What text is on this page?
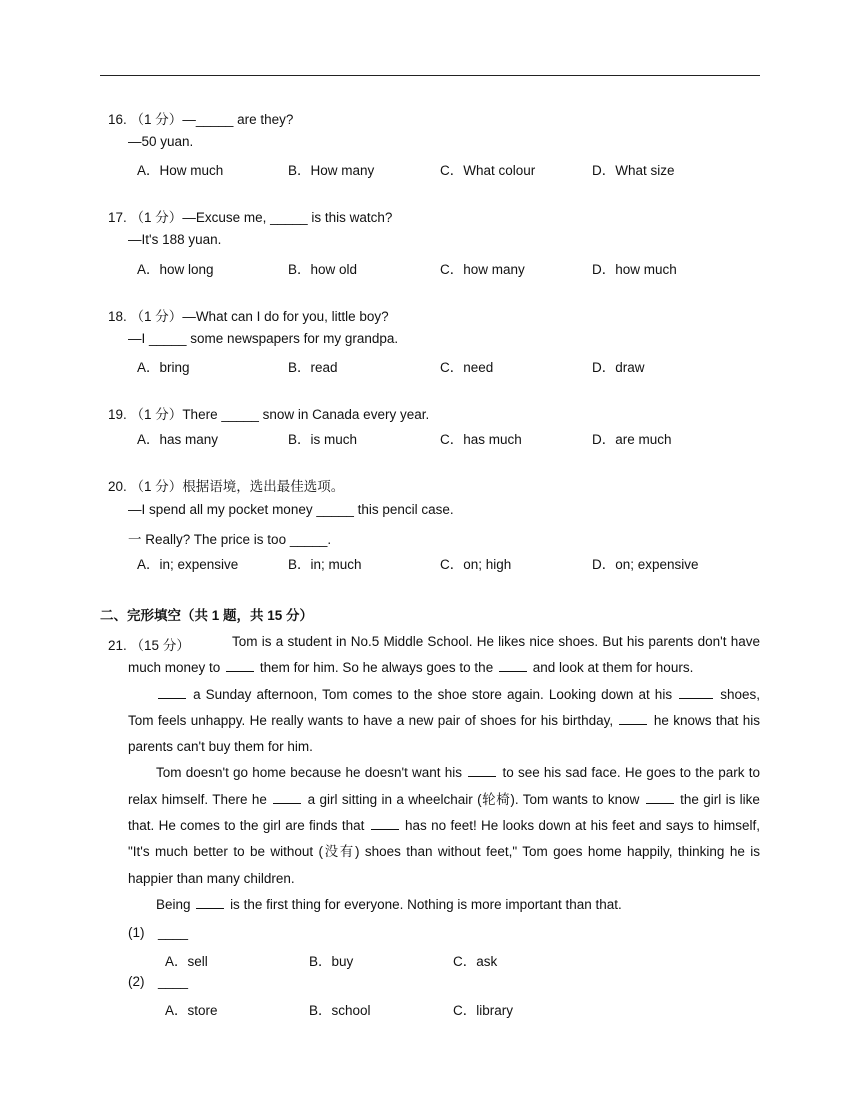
16. （1 分）—_____ are they?
—50 yuan.
A．How much	B．How many	C．What colour	D．What size
17. （1 分）—Excuse me, _____ is this watch?
—It's 188 yuan.
A．how long	B．how old	C．how many	D．how much
18. （1 分）—What can I do for you, little boy?
—I _____ some newspapers for my grandpa.
A．bring	B．read	C．need	D．draw
19. （1 分）There _____ snow in Canada every year.
A．has many	B．is much	C．has much	D．are much
20. （1 分）根据语境，选出最佳选项。
—I spend all my pocket money _____ this pencil case.
一 Really? The price is too _____.
A．in; expensive	B．in; much	C．on; high	D．on; expensive
二、完形填空（共 1 题，共 15 分）
21. （15 分）	Tom is a student in No.5 Middle School. He likes nice shoes. But his parents don't have much money to	them for him. So he always goes to the	and look at them for hours.

a Sunday afternoon, Tom comes to the shoe store again. Looking down at his	shoes, Tom feels unhappy. He really wants to have a new pair of shoes for his birthday,	he knows that his parents can't buy them for him.

Tom doesn't go home because he doesn't want his	to see his sad face. He goes to the park to relax himself. There he	a girl sitting in a wheelchair (轮椅). Tom wants to know	the girl is like that. He comes to the girl are finds that	has no feet! He looks down at his feet and says to himself, "It's much better to be without (没有) shoes than without feet," Tom goes home happily, thinking he is happier than many children.

Being	is the first thing for everyone. Nothing is more important than that.

(1) ____
A．sell	B．buy	C．ask
(2) ____
A．store	B．school	C．library
